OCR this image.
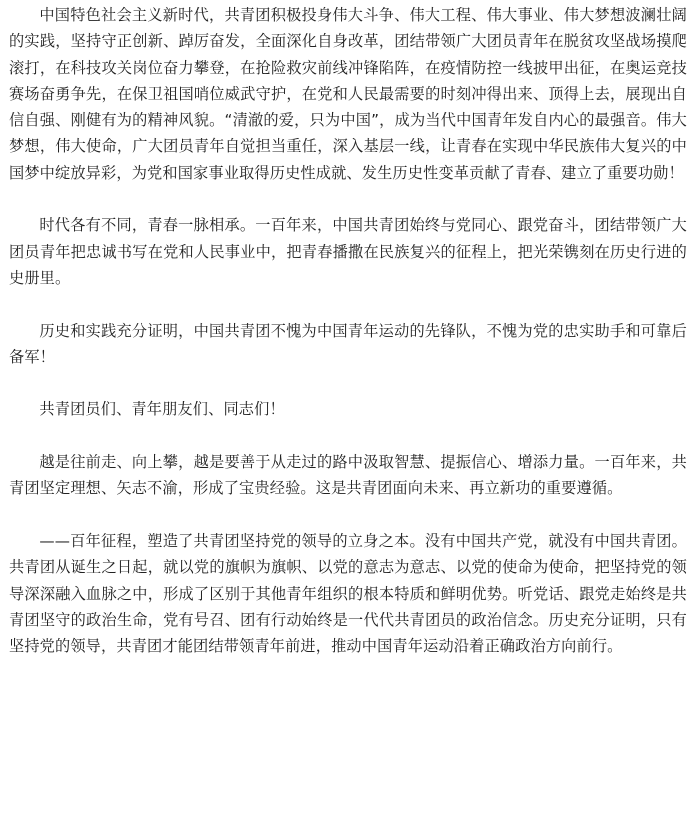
中国特色社会主义新时代，共青团积极投身伟大斗争、伟大工程、伟大事业、伟大梦想波澜壮阔的实践，坚持守正创新、踔厉奋发，全面深化自身改革，团结带领广大团员青年在脱贫攻坚战场摸爬滚打，在科技攻关岗位奋力攀登，在抢险救灾前线冲锋陷阵，在疫情防控一线披甲出征，在奥运竞技赛场奋勇争先，在保卫祖国哨位威武守护，在党和人民最需要的时刻冲得出来、顶得上去，展现出自信自强、刚健有为的精神风貌。“清澈的爱，只为中国”，成为当代中国青年发自内心的最强音。伟大梦想，伟大使命，广大团员青年自觉担当重任，深入基层一线，让青春在实现中华民族伟大复兴的中国梦中绽放异彩，为党和国家事业取得历史性成就、发生历史性变革贡献了青春、建立了重要功勋！

时代各有不同，青春一脉相承。一百年来，中国共青团始终与党同心、跟党奋斗，团结带领广大团员青年把忠诚书写在党和人民事业中，把青春播撒在民族复兴的征程上，把光荣镌刻在历史行进的史册里。

历史和实践充分证明，中国共青团不愧为中国青年运动的先锋队，不愧为党的忠实助手和可靠后备军！

共青团员们、青年朋友们、同志们！

越是往前走、向上攀，越是要善于从走过的路中汲取智慧、提振信心、增添力量。一百年来，共青团坚定理想、矢志不渝，形成了宝贵经验。这是共青团面向未来、再立新功的重要遵循。

——百年征程，塑造了共青团坚持党的领导的立身之本。没有中国共产党，就没有中国共青团。共青团从诞生之日起，就以党的旗帜为旗帜、以党的意志为意志、以党的使命为使命，把坚持党的领导深深融入血脉之中，形成了区别于其他青年组织的根本特质和鲜明优势。听党话、跟党走始终是共青团坚守的政治生命，党有号召、团有行动始终是一代代共青团员的政治信念。历史充分证明，只有坚持党的领导，共青团才能团结带领青年前进，推动中国青年运动沿着正确政治方向前行。
